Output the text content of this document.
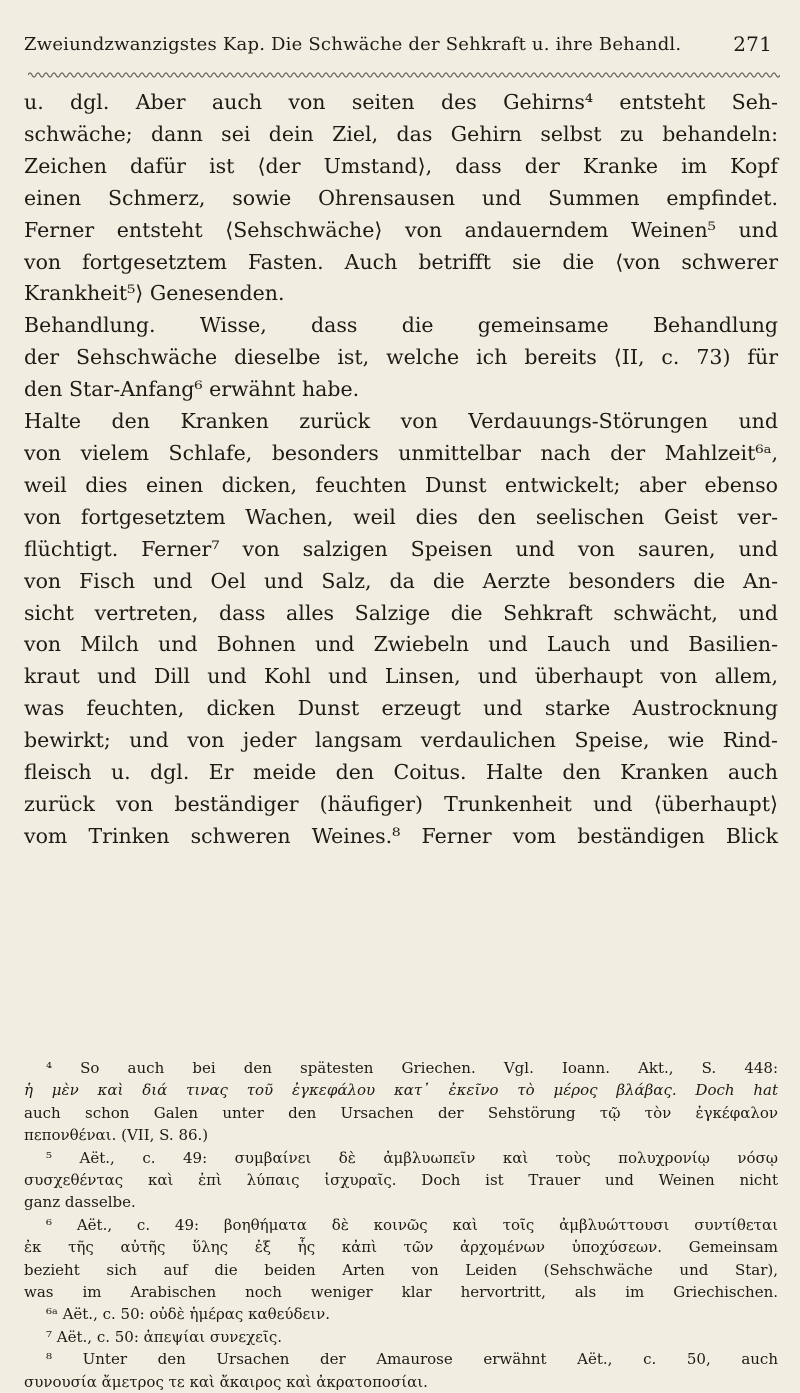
Zweiundzwanzigstes Kap. Die Schwäche der Sehkraft u. ihre Behandl.	271
u. dgl. Aber auch von seiten des Gehirns⁴ entsteht Seh-
schwäche; dann sei dein Ziel, das Gehirn selbst zu behandeln:
Zeichen dafür ist ⟨der Umstand⟩, dass der Kranke im Kopf
einen Schmerz, sowie Ohrensausen und Summen empfindet.
Ferner entsteht ⟨Sehschwäche⟩ von andauerndem Weinen⁵ und
von fortgesetztem Fasten. Auch betrifft sie die ⟨von schwerer
Krankheit⁵⟩ Genesenden.
Behandlung. Wisse, dass die gemeinsame Behandlung
der Sehschwäche dieselbe ist, welche ich bereits ⟨II, c. 73) für
den Star-Anfang⁶ erwähnt habe.
Halte den Kranken zurück von Verdauungs-Störungen und
von vielem Schlafe, besonders unmittelbar nach der Mahlzeit⁶ᵃ,
weil dies einen dicken, feuchten Dunst entwickelt; aber ebenso
von fortgesetztem Wachen, weil dies den seelischen Geist ver-
flüchtigt. Ferner⁷ von salzigen Speisen und von sauren, und
von Fisch und Oel und Salz, da die Aerzte besonders die An-
sicht vertreten, dass alles Salzige die Sehkraft schwächt, und
von Milch und Bohnen und Zwiebeln und Lauch und Basilien-
kraut und Dill und Kohl und Linsen, und überhaupt von allem,
was feuchten, dicken Dunst erzeugt und starke Austrocknung
bewirkt; und von jeder langsam verdaulichen Speise, wie Rind-
fleisch u. dgl. Er meide den Coitus. Halte den Kranken auch
zurück von beständiger (häufiger) Trunkenheit und ⟨überhaupt⟩
vom Trinken schweren Weines.⁸ Ferner vom beständigen Blick
⁴ So auch bei den spätesten Griechen. Vgl. Ioann. Akt., S. 448:
ἡ μὲν καὶ διά τινας τοῦ ἐγκεφάλου κατ᾽ ἐκεῖνο τὸ μέρος βλάβας. Doch hat
auch schon Galen unter den Ursachen der Sehstörung τῷ τὸν ἐγκέφαλον
πεπονθέναι. (VII, S. 86.)
⁵ Aët., c. 49: συμβαίνει δὲ ἀμβλυωπεῖν καὶ τοὺς πολυχρονίῳ νόσῳ
συσχεθέντας καὶ ἐπὶ λύπαις ἰσχυραῖς. Doch ist Trauer und Weinen nicht
ganz dasselbe.
⁶ Aët., c. 49: βοηθήματα δὲ κοινῶς καὶ τοῖς ἀμβλυώττουσι συντίθεται
ἐκ τῆς αὐτῆς ὕλης ἐξ ἧς κἀπὶ τῶν ἀρχομένων ὑποχύσεων. Gemeinsam
bezieht sich auf die beiden Arten von Leiden (Sehschwäche und Star),
was im Arabischen noch weniger klar hervortritt, als im Griechischen.
⁶ᵃ Aët., c. 50: οὐδὲ ἡμέρας καθεύδειν.
⁷ Aët., c. 50: ἀπεψίαι συνεχεῖς.
⁸ Unter den Ursachen der Amaurose erwähnt Aët., c. 50, auch
συνουσία ἄμετρος τε καὶ ἄκαιρος καὶ ἀκρατοποσίαι.
